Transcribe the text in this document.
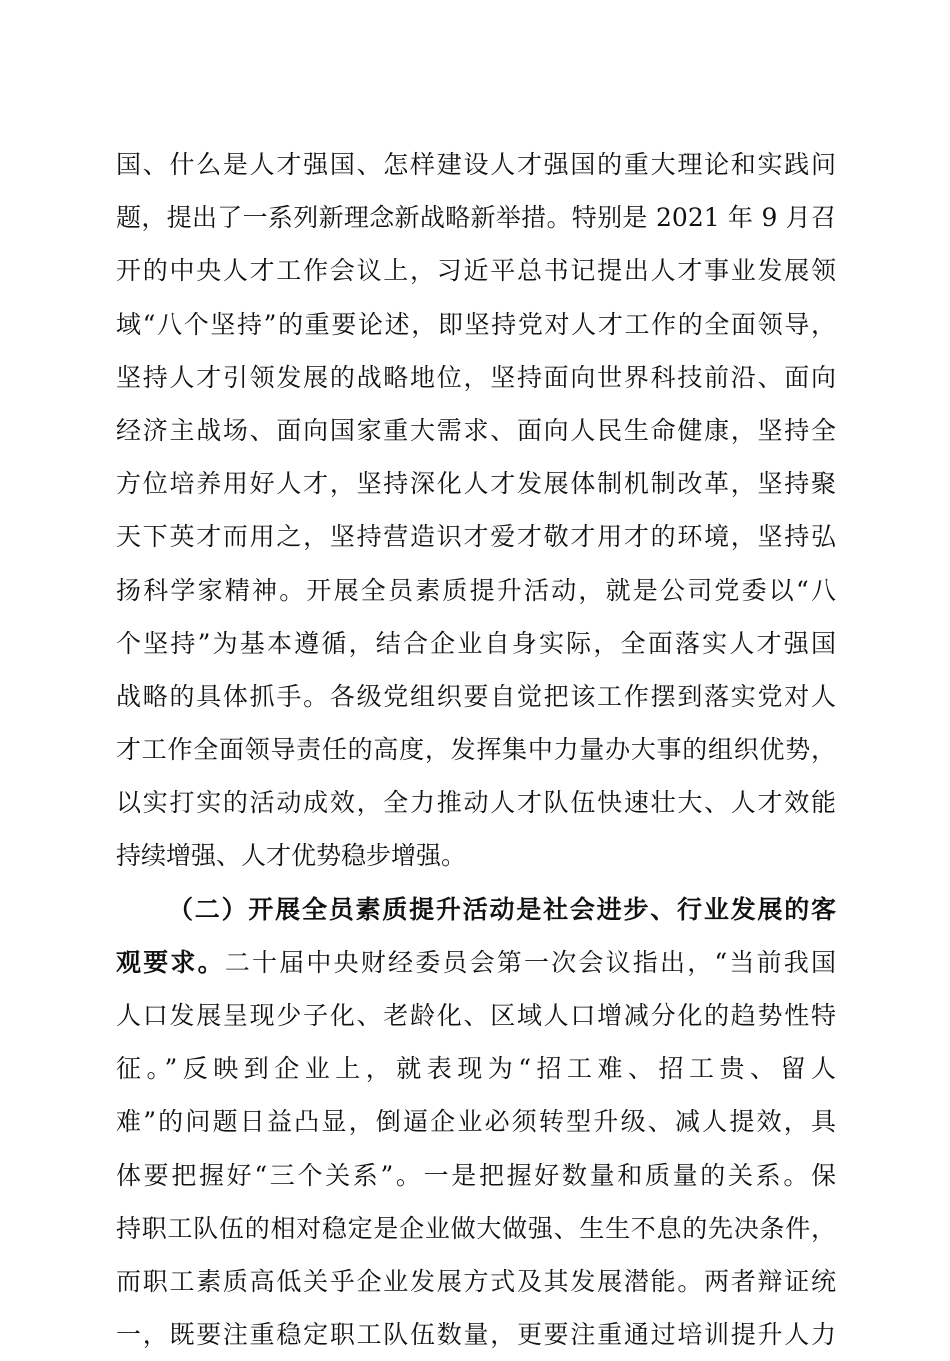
国、什么是人才强国、怎样建设人才强国的重大理论和实践问
题，提出了一系列新理念新战略新举措。特别是 2021 年 9 月召
开的中央人才工作会议上，习近平总书记提出人才事业发展领
域“八个坚持”的重要论述，即坚持党对人才工作的全面领导，
坚持人才引领发展的战略地位，坚持面向世界科技前沿、面向
经济主战场、面向国家重大需求、面向人民生命健康，坚持全
方位培养用好人才，坚持深化人才发展体制机制改革，坚持聚
天下英才而用之，坚持营造识才爱才敬才用才的环境，坚持弘
扬科学家精神。开展全员素质提升活动，就是公司党委以“八
个坚持”为基本遵循，结合企业自身实际，全面落实人才强国
战略的具体抓手。各级党组织要自觉把该工作摆到落实党对人
才工作全面领导责任的高度，发挥集中力量办大事的组织优势，
以实打实的活动成效，全力推动人才队伍快速壮大、人才效能
持续增强、人才优势稳步增强。
（二）开展全员素质提升活动是社会进步、行业发展的客
观要求。二十届中央财经委员会第一次会议指出，“当前我国
人口发展呈现少子化、老龄化、区域人口增减分化的趋势性特
征。”反映到企业上，就表现为“招工难、招工贵、留人
难”的问题日益凸显，倒逼企业必须转型升级、减人提效，具
体要把握好“三个关系”。一是把握好数量和质量的关系。保
持职工队伍的相对稳定是企业做大做强、生生不息的先决条件，
而职工素质高低关乎企业发展方式及其发展潜能。两者辩证统
一，既要注重稳定职工队伍数量，更要注重通过培训提升人力
